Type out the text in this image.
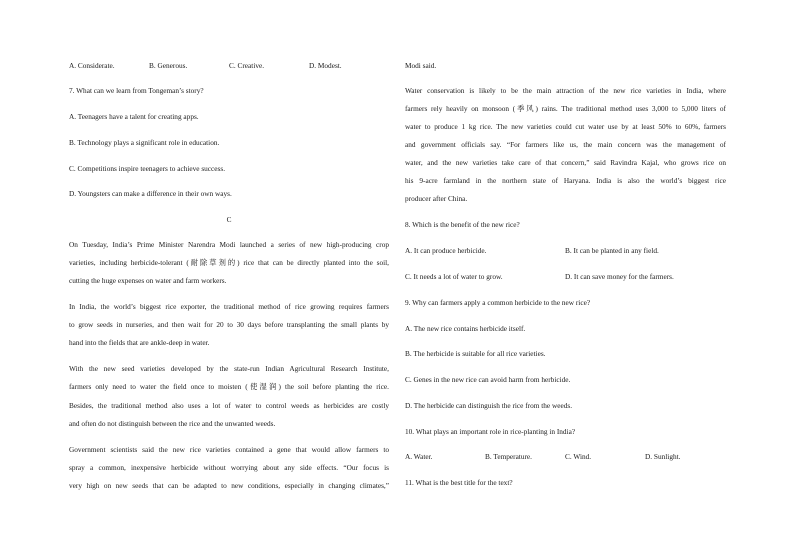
A. Considerate.	B. Generous.	C. Creative.	D. Modest.
7. What can we learn from Tongeman’s story?
A. Teenagers have a talent for creating apps.
B. Technology plays a significant role in education.
C. Competitions inspire teenagers to achieve success.
D. Youngsters can make a difference in their own ways.
C
On Tuesday, India’s Prime Minister Narendra Modi launched a series of new high-producing crop
varieties, including herbicide-tolerant (耐除草剂的) rice that can be directly planted into the soil,
cutting the huge expenses on water and farm workers.
In India, the world’s biggest rice exporter, the traditional method of rice growing requires farmers
to grow seeds in nurseries, and then wait for 20 to 30 days before transplanting the small plants by
hand into the fields that are ankle-deep in water.
With the new seed varieties developed by the state-run Indian Agricultural Research Institute,
farmers only need to water the field once to moisten (使湿润) the soil before planting the rice.
Besides, the traditional method also uses a lot of water to control weeds as herbicides are costly
and often do not distinguish between the rice and the unwanted weeds.
Government scientists said the new rice varieties contained a gene that would allow farmers to
spray a common, inexpensive herbicide without worrying about any side effects. “Our focus is
very high on new seeds that can be adapted to new conditions, especially in changing climates,”
Modi said.
Water conservation is likely to be the main attraction of the new rice varieties in India, where
farmers rely heavily on monsoon (季风) rains. The traditional method uses 3,000 to 5,000 liters of
water to produce 1 kg rice. The new varieties could cut water use by at least 50% to 60%, farmers
and government officials say. “For farmers like us, the main concern was the management of
water, and the new varieties take care of that concern,” said Ravindra Kajal, who grows rice on
his 9-acre farmland in the northern state of Haryana. India is also the world’s biggest rice
producer after China.
8. Which is the benefit of the new rice?
A. It can produce herbicide.	B. It can be planted in any field.
C. It needs a lot of water to grow.	D. It can save money for the farmers.
9. Why can farmers apply a common herbicide to the new rice?
A. The new rice contains herbicide itself.
B. The herbicide is suitable for all rice varieties.
C. Genes in the new rice can avoid harm from herbicide.
D. The herbicide can distinguish the rice from the weeds.
10. What plays an important role in rice-planting in India?
A. Water.	B. Temperature.	C. Wind.	D. Sunlight.
11. What is the best title for the text?
